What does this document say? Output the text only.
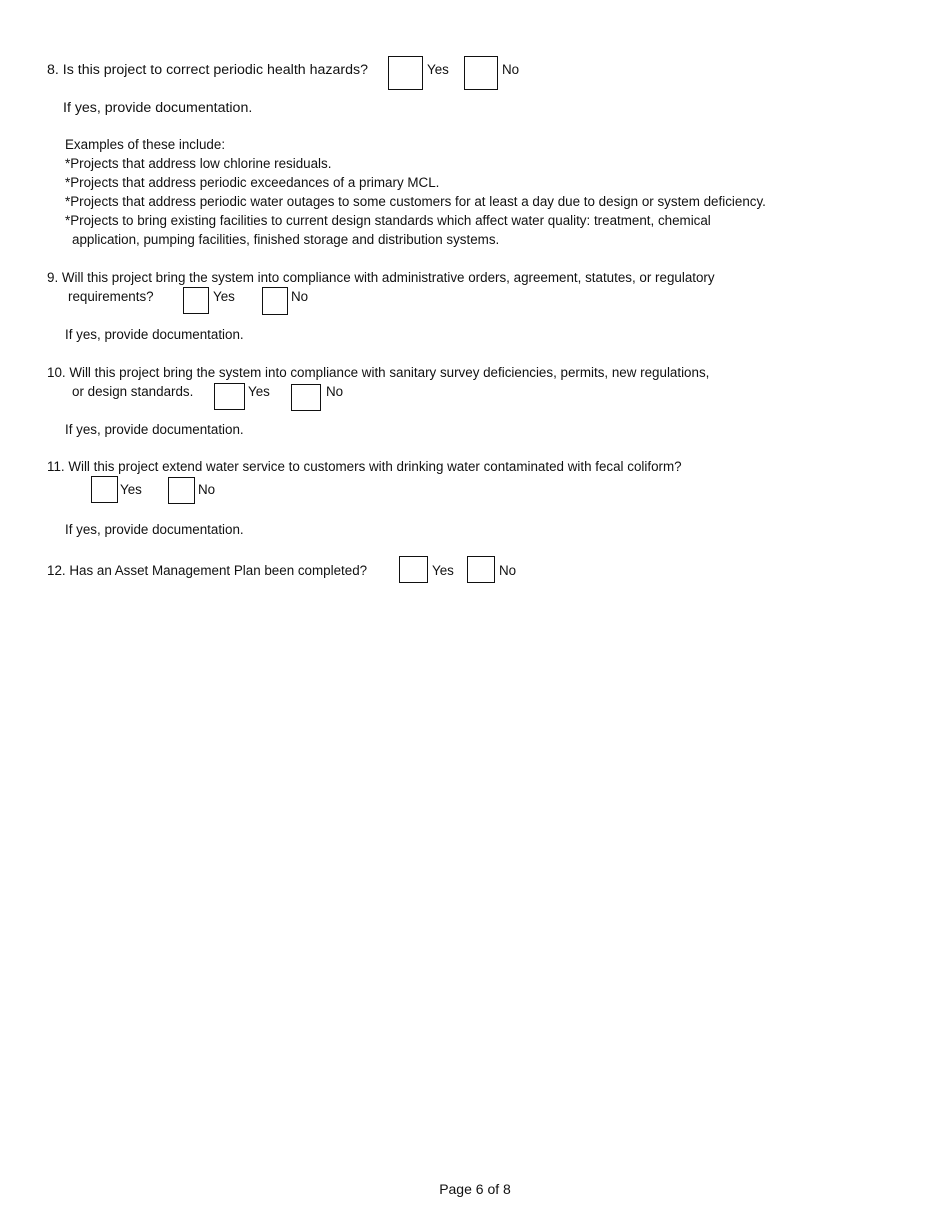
8. Is this project to correct periodic health hazards?	Yes	No
If yes, provide documentation.
Examples of these include:
*Projects that address low chlorine residuals.
*Projects that address periodic exceedances of a primary MCL.
*Projects that address periodic water outages to some customers for at least a day due to design or system deficiency.
*Projects to bring existing facilities to current design standards which affect water quality: treatment, chemical
application, pumping facilities, finished storage and distribution systems.
9. Will this project bring the system into compliance with administrative orders, agreement, statutes, or regulatory
requirements?	Yes	No
If yes, provide documentation.
10. Will this project bring the system into compliance with sanitary survey deficiencies, permits, new regulations,
or design standards.	Yes	No
If yes, provide documentation.
11. Will this project extend water service to customers with drinking water contaminated with fecal coliform?
Yes	No
If yes, provide documentation.
12. Has an Asset Management Plan been completed?	Yes	No
Page 6 of 8
